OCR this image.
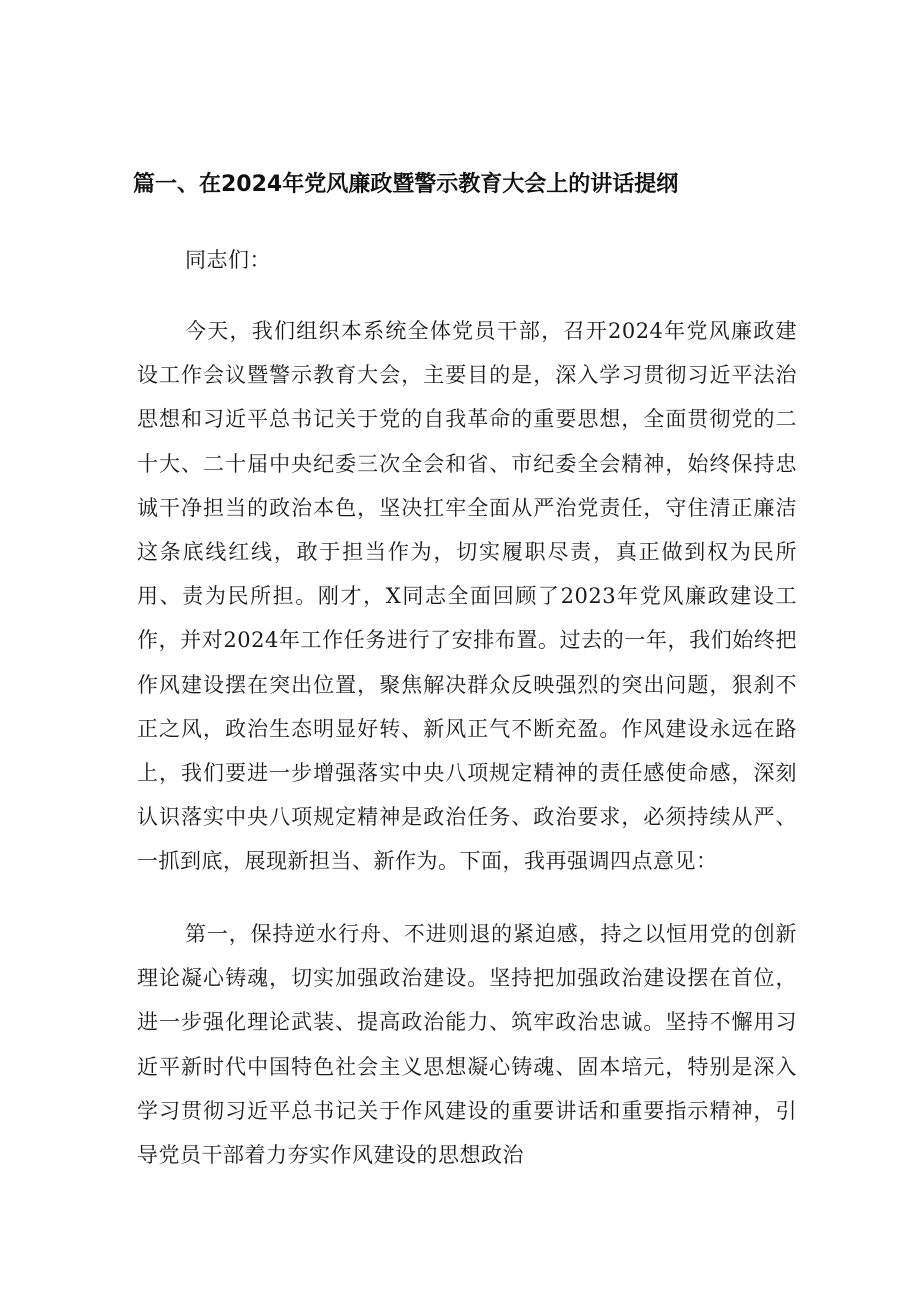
篇一、在2024年党风廉政暨警示教育大会上的讲话提纲

同志们：

今天，我们组织本系统全体党员干部，召开2024年党风廉政建设工作会议暨警示教育大会，主要目的是，深入学习贯彻习近平法治思想和习近平总书记关于党的自我革命的重要思想，全面贯彻党的二十大、二十届中央纪委三次全会和省、市纪委全会精神，始终保持忠诚干净担当的政治本色，坚决扛牢全面从严治党责任，守住清正廉洁这条底线红线，敢于担当作为，切实履职尽责，真正做到权为民所用、责为民所担。刚才，X同志全面回顾了2023年党风廉政建设工作，并对2024年工作任务进行了安排布置。过去的一年，我们始终把作风建设摆在突出位置，聚焦解决群众反映强烈的突出问题，狠刹不正之风，政治生态明显好转、新风正气不断充盈。作风建设永远在路上，我们要进一步增强落实中央八项规定精神的责任感使命感，深刻认识落实中央八项规定精神是政治任务、政治要求，必须持续从严、一抓到底，展现新担当、新作为。下面，我再强调四点意见：

第一，保持逆水行舟、不进则退的紧迫感，持之以恒用党的创新理论凝心铸魂，切实加强政治建设。坚持把加强政治建设摆在首位，进一步强化理论武装、提高政治能力、筑牢政治忠诚。坚持不懈用习近平新时代中国特色社会主义思想凝心铸魂、固本培元，特别是深入学习贯彻习近平总书记关于作风建设的重要讲话和重要指示精神，引导党员干部着力夯实作风建设的思想政治
